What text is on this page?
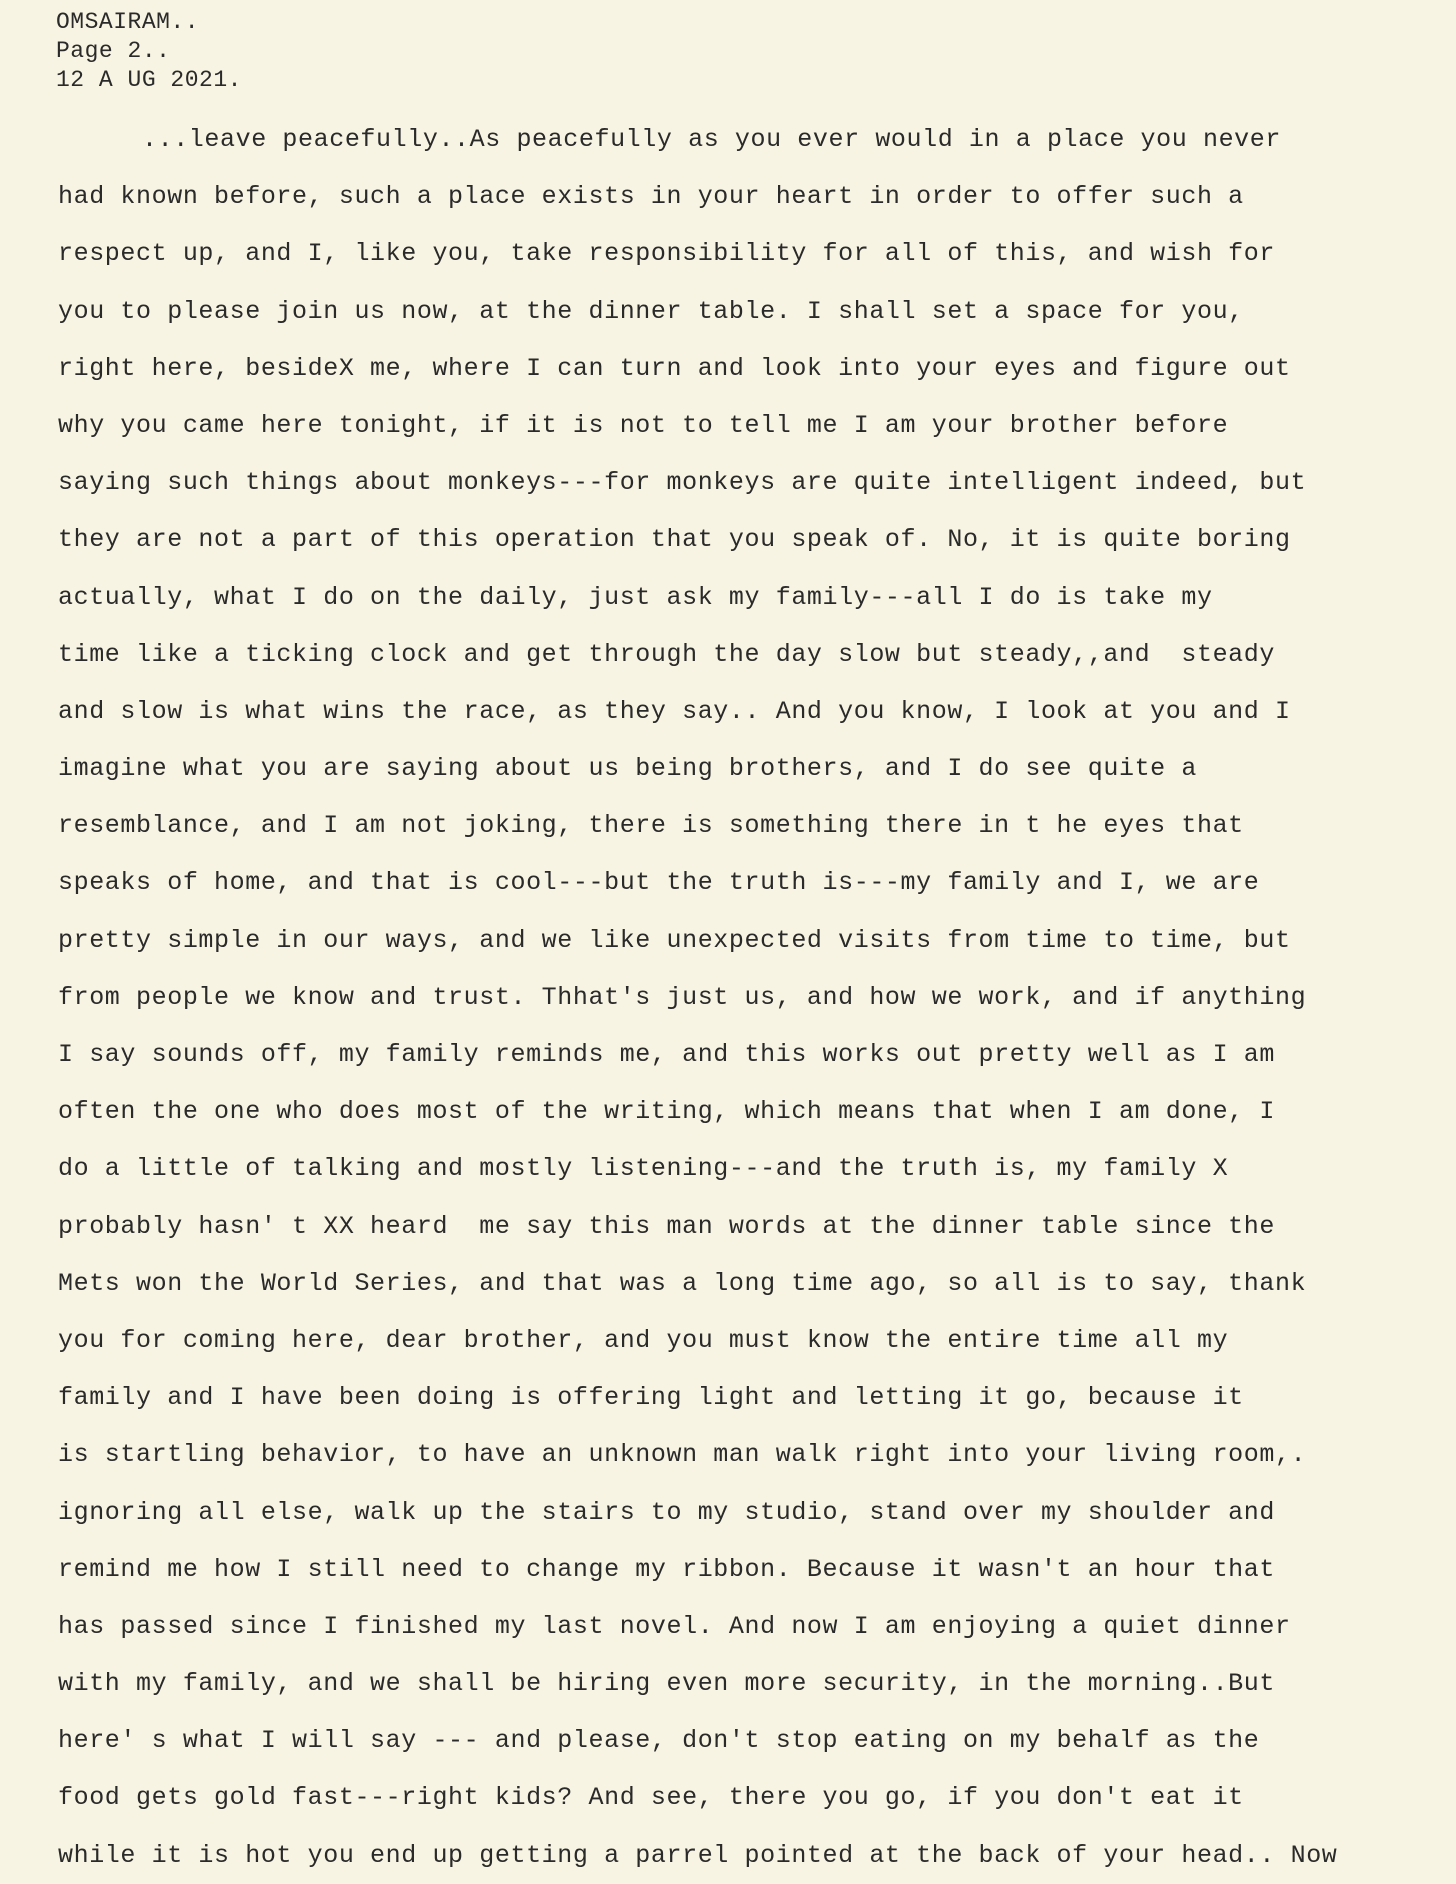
OMSAIRAM..
Page 2..
12 A UG 2021.
...leave peacefully..As peacefully as you ever would in a place you never
had known before, such a place exists in your heart in order to offer such a
respect up, and I, like you, take responsibility for all of this, and wish for
you to please join us now, at the dinner table. I shall set a space for you,
right here, besideX me, where I can turn and look into your eyes and figure out
why you came here tonight, if it is not to tell me I am your brother before
saying such things about monkeys---for monkeys are quite intelligent indeed, but
they are not a part of this operation that you speak of. No, it is quite boring
actually, what I do on the daily, just ask my family---all I do is take my
time like a ticking clock and get through the day slow but steady,,and  steady
and slow is what wins the race, as they say.. And you know, I look at you and I
imagine what you are saying about us being brothers, and I do see quite a
resemblance, and I am not joking, there is something there in t he eyes that
speaks of home, and that is cool---but the truth is---my family and I, we are
pretty simple in our ways, and we like unexpected visits from time to time, but
from people we know and trust. Thhat's just us, and how we work, and if anything
I say sounds off, my family reminds me, and this works out pretty well as I am
often the one who does most of the writing, which means that when I am done, I
do a little of talking and mostly listening---and the truth is, my family X
probably hasn' t XX heard  me say this man words at the dinner table since the
Mets won the World Series, and that was a long time ago, so all is to say, thank
you for coming here, dear brother, and you must know the entire time all my
family and I have been doing is offering light and letting it go, because it
is startling behavior, to have an unknown man walk right into your living room,.
ignoring all else, walk up the stairs to my studio, stand over my shoulder and
remind me how I still need to change my ribbon. Because it wasn't an hour that
has passed since I finished my last novel. And now I am enjoying a quiet dinner
with my family, and we shall be hiring even more security, in the morning..But
here' s what I will say --- and please, don't stop eating on my behalf as the
food gets gold fast---right kids? And see, there you go, if you don't eat it
while it is hot you end up getting a parrel pointed at the back of your head.. Now
